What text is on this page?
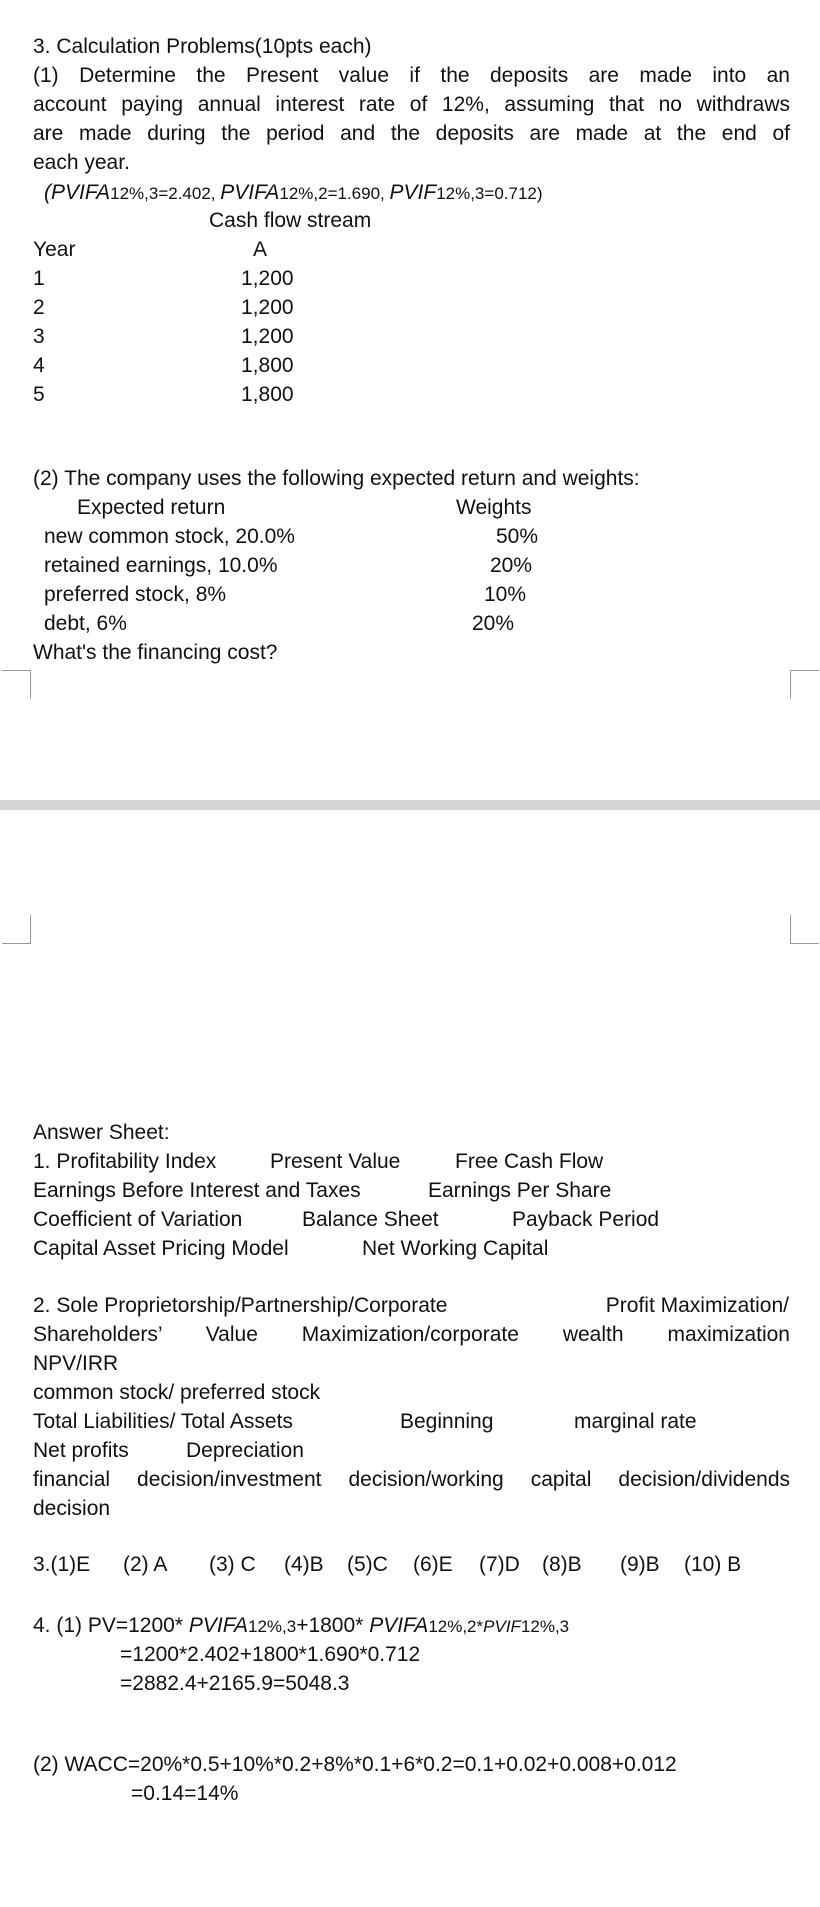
3. Calculation Problems(10pts each)
(1) Determine the Present value if the deposits are made into an
account paying annual interest rate of 12%, assuming that no withdraws
are made during the period and the deposits are made at the end of
each year.
(PVIFA12%,3=2.402, PVIFA12%,2=1.690, PVIF12%,3=0.712)
Cash flow stream
Year	A
1	1,200
2	1,200
3	1,200
4	1,800
5	1,800
(2) The company uses the following expected return and weights:
Expected return	Weights
new common stock, 20.0%	50%
retained earnings, 10.0%	20%
preferred stock, 8%	10%
debt, 6%	20%
What's the financing cost?
Answer Sheet:
1. Profitability Index	Present Value	Free Cash Flow
Earnings Before Interest and Taxes	Earnings Per Share
Coefficient of Variation	Balance Sheet	Payback Period
Capital Asset Pricing Model	Net Working Capital
2. Sole Proprietorship/Partnership/Corporate	Profit Maximization/
Shareholders’ Value Maximization/corporate wealth maximization
NPV/IRR
common stock/ preferred stock
Total Liabilities/ Total Assets	Beginning	marginal rate
Net profits	Depreciation
financial decision/investment decision/working capital decision/dividends
decision
3.(1)E (2) A (3) C (4)B (5)C (6)E (7)D (8)B (9)B (10) B
4. (1) PV=1200* PVIFA12%,3+1800* PVIFA12%,2*PVIF12%,3
=1200*2.402+1800*1.690*0.712
=2882.4+2165.9=5048.3
(2) WACC=20%*0.5+10%*0.2+8%*0.1+6*0.2=0.1+0.02+0.008+0.012
=0.14=14%
